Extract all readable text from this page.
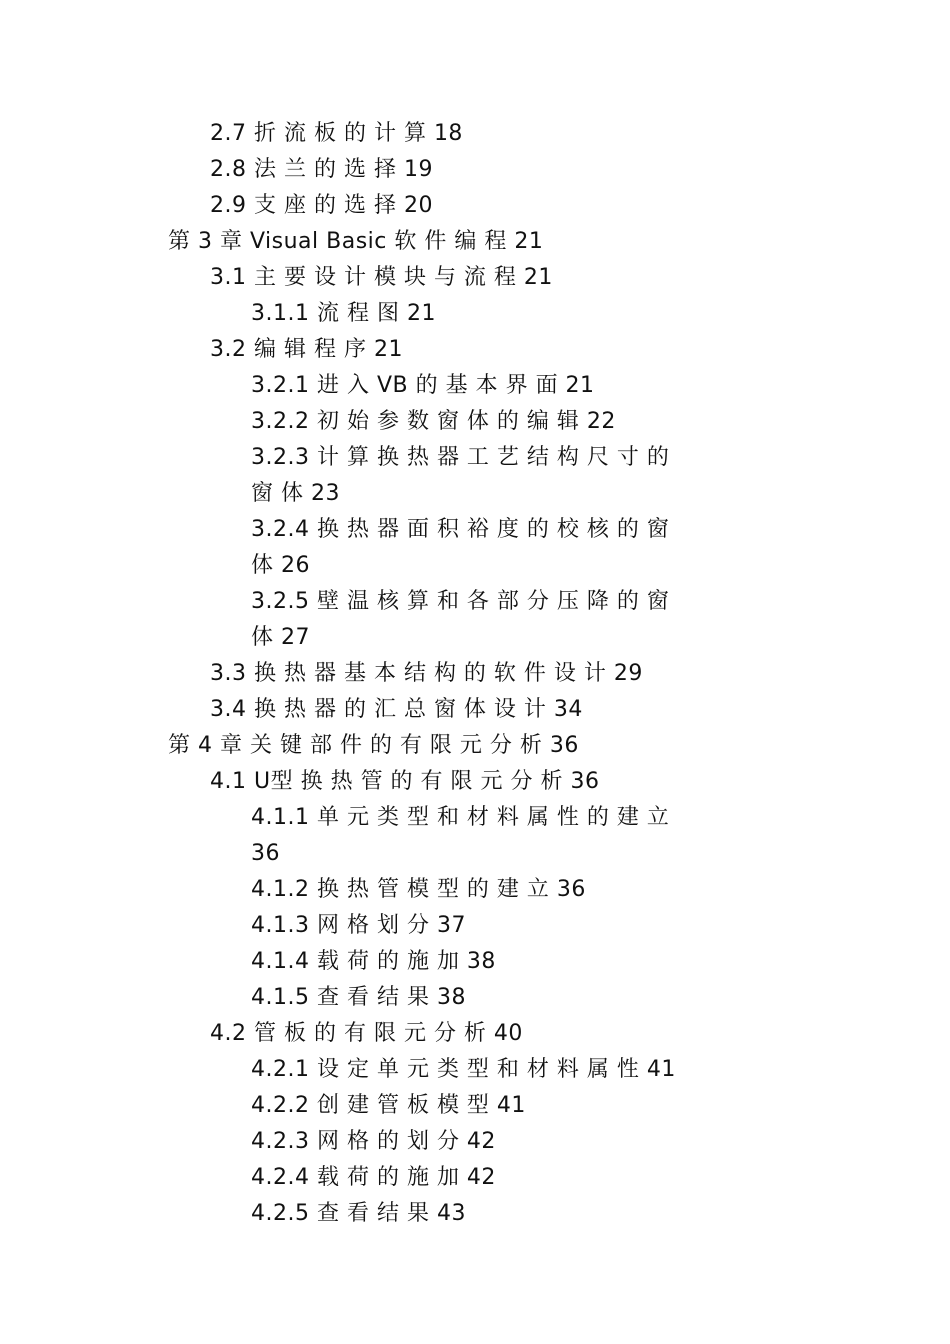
2.7 折 流 板 的 计 算 18
2.8 法 兰 的 选 择 19
2.9 支 座 的 选 择 20
第 3 章 Visual Basic 软 件 编 程 21
3.1 主 要 设 计 模 块 与 流 程 21
3.1.1 流 程 图 21
3.2 编 辑 程 序 21
3.2.1 进 入 VB 的 基 本 界 面 21
3.2.2 初 始 参 数 窗 体 的 编 辑 22
3.2.3 计 算 换 热 器 工 艺 结 构 尺 寸 的
窗 体 23
3.2.4 换 热 器 面 积 裕 度 的 校 核 的 窗
体 26
3.2.5 壁 温 核 算 和 各 部 分 压 降 的 窗
体 27
3.3 换 热 器 基 本 结 构 的 软 件 设 计 29
3.4 换 热 器 的 汇 总 窗 体 设 计 34
第 4 章 关 键 部 件 的 有 限 元 分 析 36
4.1 U型 换 热 管 的 有 限 元 分 析 36
4.1.1 单 元 类 型 和 材 料 属 性 的 建 立
36
4.1.2 换 热 管 模 型 的 建 立 36
4.1.3 网 格 划 分 37
4.1.4 载 荷 的 施 加 38
4.1.5 查 看 结 果 38
4.2 管 板 的 有 限 元 分 析 40
4.2.1 设 定 单 元 类 型 和 材 料 属 性 41
4.2.2 创 建 管 板 模 型 41
4.2.3 网 格 的 划 分 42
4.2.4 载 荷 的 施 加 42
4.2.5 查 看 结 果 43
